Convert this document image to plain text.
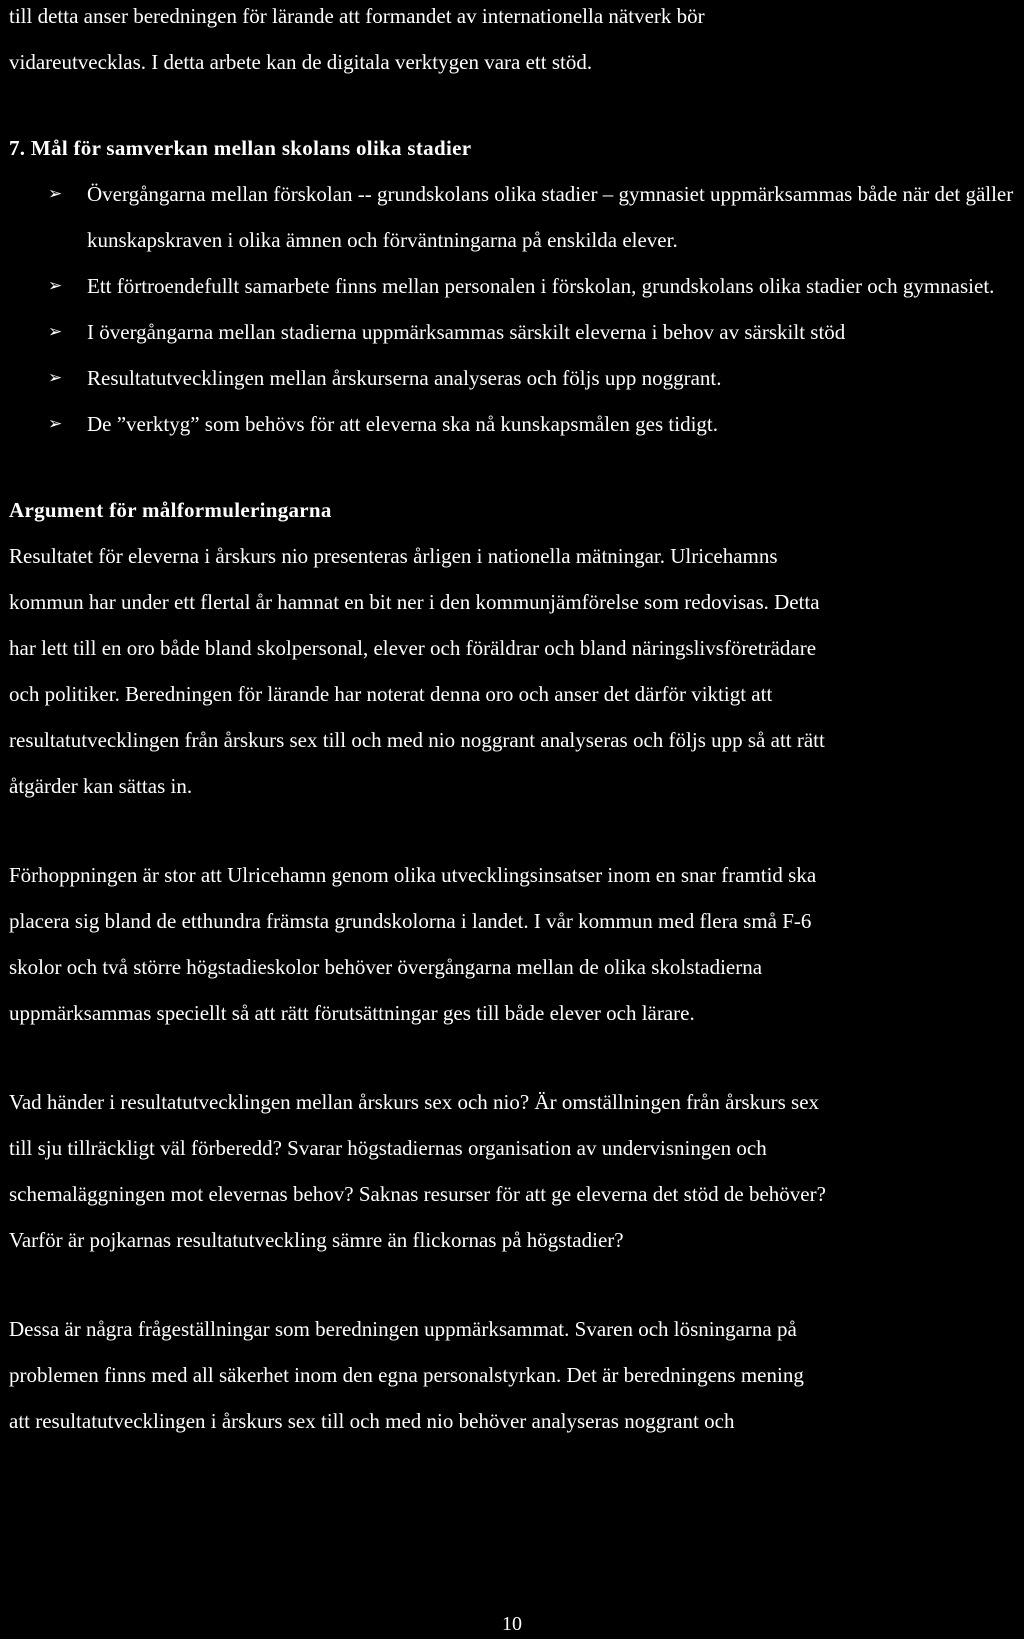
till detta anser beredningen för lärande att formandet av internationella nätverk bör

vidareutvecklas. I detta arbete kan de digitala verktygen vara ett stöd.

7. Mål för samverkan mellan skolans olika stadier
➢ Övergångarna mellan förskolan -- grundskolans olika stadier – gymnasiet uppmärksammas både när det gäller kunskapskraven i olika ämnen och förväntningarna på enskilda elever.
➢ Ett förtroendefullt samarbete finns mellan personalen i förskolan, grundskolans olika stadier och gymnasiet.
➢ I övergångarna mellan stadierna uppmärksammas särskilt eleverna i behov av särskilt stöd
➢ Resultatutvecklingen mellan årskurserna analyseras och följs upp noggrant.
➢ De ”verktyg” som behövs för att eleverna ska nå kunskapsmålen ges tidigt.
Argument för målformuleringarna

Resultatet för eleverna i årskurs nio presenteras årligen i nationella mätningar. Ulricehamns

kommun har under ett flertal år hamnat en bit ner i den kommunjämförelse som redovisas. Detta

har lett till en oro både bland skolpersonal, elever och föräldrar och bland näringslivsföreträdare

och politiker. Beredningen för lärande har noterat denna oro och anser det därför viktigt att

resultatutvecklingen från årskurs sex till och med nio noggrant analyseras och följs upp så att rätt

åtgärder kan sättas in.

Förhoppningen är stor att Ulricehamn genom olika utvecklingsinsatser inom en snar framtid ska

placera sig bland de etthundra främsta grundskolorna i landet. I vår kommun med flera små F-6

skolor och två större högstadieskolor behöver övergångarna mellan de olika skolstadierna

uppmärksammas speciellt så att rätt förutsättningar ges till både elever och lärare.

Vad händer i resultatutvecklingen mellan årskurs sex och nio? Är omställningen från årskurs sex

till sju tillräckligt väl förberedd? Svarar högstadiernas organisation av undervisningen och

schemaläggningen mot elevernas behov? Saknas resurser för att ge eleverna det stöd de behöver?

Varför är pojkarnas resultatutveckling sämre än flickornas på högstadier?

Dessa är några frågeställningar som beredningen uppmärksammat. Svaren och lösningarna på

problemen finns med all säkerhet inom den egna personalstyrkan. Det är beredningens mening

att resultatutvecklingen i årskurs sex till och med nio behöver analyseras noggrant och

10
